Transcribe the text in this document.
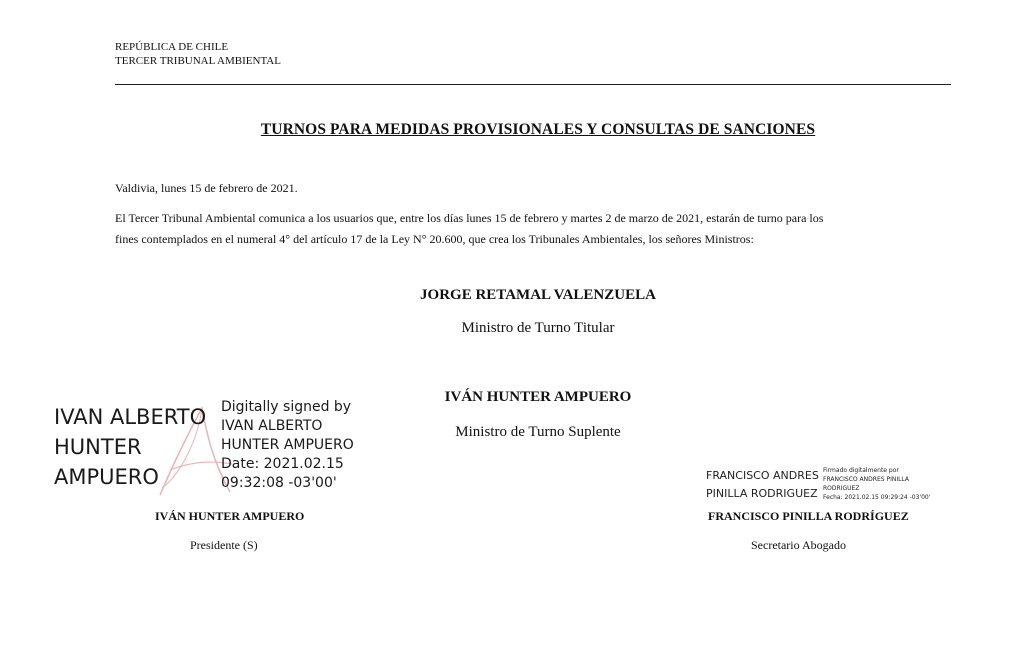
REPÚBLICA DE CHILE
TERCER TRIBUNAL AMBIENTAL
TURNOS PARA MEDIDAS PROVISIONALES Y CONSULTAS DE SANCIONES
Valdivia, lunes 15 de febrero de 2021.
El Tercer Tribunal Ambiental comunica a los usuarios que, entre los días lunes 15 de febrero y martes 2 de marzo de 2021, estarán de turno para los
fines contemplados en el numeral 4° del artículo 17 de la Ley N° 20.600, que crea los Tribunales Ambientales, los señores Ministros:
JORGE RETAMAL VALENZUELA
Ministro de Turno Titular
IVÁN HUNTER AMPUERO
Ministro de Turno Suplente
IVAN ALBERTO
HUNTER
AMPUERO
Digitally signed by
IVAN ALBERTO
HUNTER AMPUERO
Date: 2021.02.15
09:32:08 -03'00'
IVÁN HUNTER AMPUERO
Presidente (S)
FRANCISCO ANDRES
PINILLA RODRIGUEZ
Firmado digitalmente por
FRANCISCO ANDRES PINILLA
RODRIGUEZ
Fecha: 2021.02.15 09:29:24 -03'00'
FRANCISCO PINILLA RODRÍGUEZ
Secretario Abogado
